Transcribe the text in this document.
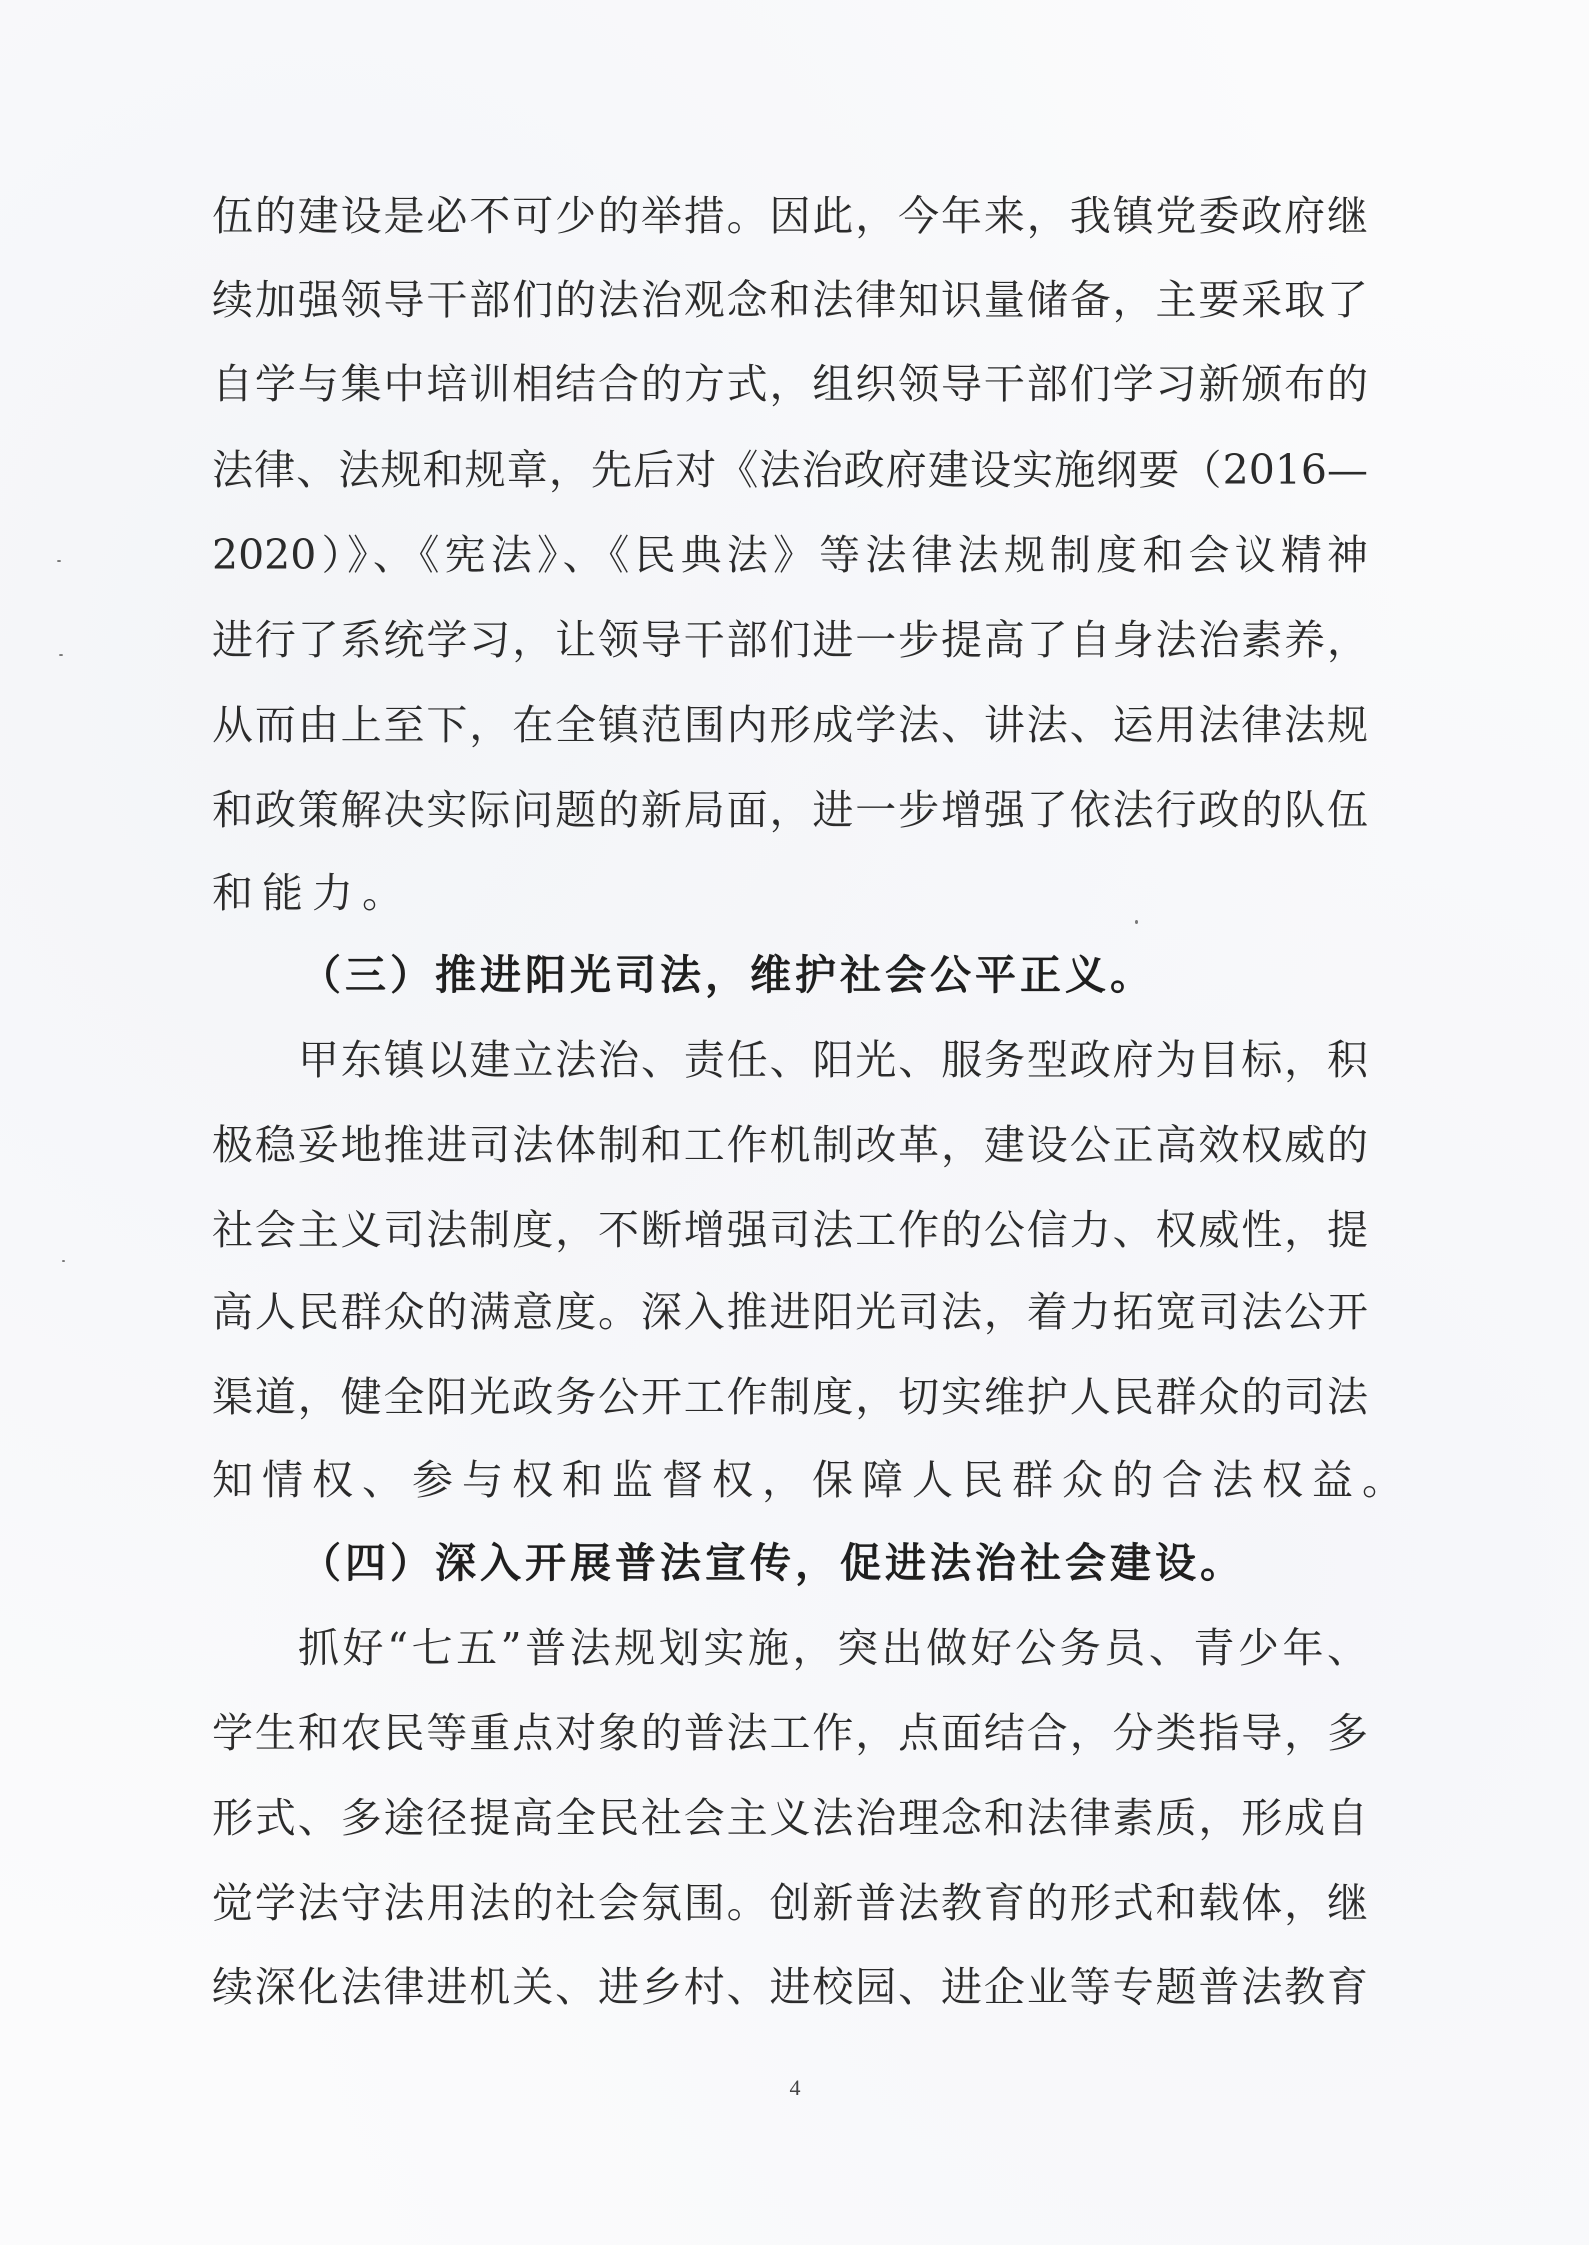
伍的建设是必不可少的举措。因此，今年来，我镇党委政府继
续加强领导干部们的法治观念和法律知识量储备，主要采取了
自学与集中培训相结合的方式，组织领导干部们学习新颁布的
法律、法规和规章，先后对《法治政府建设实施纲要（2016—
2020）》、《宪法》、《民典法》等法律法规制度和会议精神
进行了系统学习，让领导干部们进一步提高了自身法治素养，
从而由上至下，在全镇范围内形成学法、讲法、运用法律法规
和政策解决实际问题的新局面，进一步增强了依法行政的队伍
和能力。
（三）推进阳光司法，维护社会公平正义。
甲东镇以建立法治、责任、阳光、服务型政府为目标，积
极稳妥地推进司法体制和工作机制改革，建设公正高效权威的
社会主义司法制度，不断增强司法工作的公信力、权威性，提
高人民群众的满意度。深入推进阳光司法，着力拓宽司法公开
渠道，健全阳光政务公开工作制度，切实维护人民群众的司法
知情权、参与权和监督权，保障人民群众的合法权益。
（四）深入开展普法宣传，促进法治社会建设。
抓好“七五”普法规划实施，突出做好公务员、青少年、
学生和农民等重点对象的普法工作，点面结合，分类指导，多
形式、多途径提高全民社会主义法治理念和法律素质，形成自
觉学法守法用法的社会氛围。创新普法教育的形式和载体，继
续深化法律进机关、进乡村、进校园、进企业等专题普法教育
4
